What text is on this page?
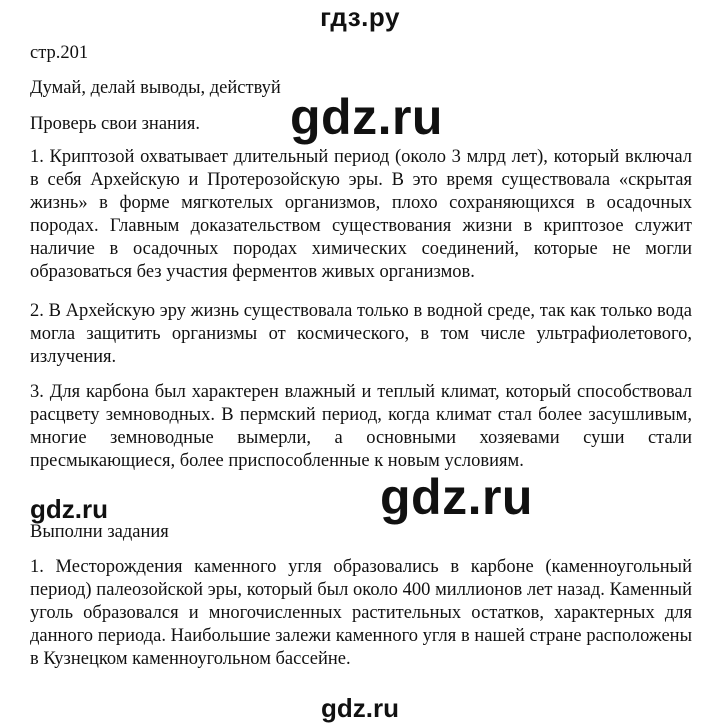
гдз.ру
стр.201
Думай, делай выводы, действуй
Проверь свои знания. gdz.ru

1. Криптозой охватывает длительный период (около 3 млрд лет), который включал в себя Архейскую и Протерозойскую эры. В это время существовала «скрытая жизнь» в форме мягкотелых организмов, плохо сохраняющихся в осадочных породах. Главным доказательством существования жизни в криптозое служит наличие в осадочных породах химических соединений, которые не могли образоваться без участия ферментов живых организмов.

2. В Архейскую эру жизнь существовала только в водной среде, так как только вода могла защитить организмы от космического, в том числе ультрафиолетового, излучения.

3. Для карбона был характерен влажный и теплый климат, который способствовал расцвету земноводных. В пермский период, когда климат стал более засушливым, многие земноводные вымерли, а основными хозяевами суши стали пресмыкающиеся, более приспособленные к новым условиям.

gdz.ru
gdz.ru
Выполни задания

1. Месторождения каменного угля образовались в карбоне (каменноугольный период) палеозойской эры, который был около 400 миллионов лет назад. Каменный уголь образовался и многочисленных растительных остатков, характерных для данного периода. Наибольшие залежи каменного угля в нашей стране расположены в Кузнецком каменноугольном бассейне.

gdz.ru
